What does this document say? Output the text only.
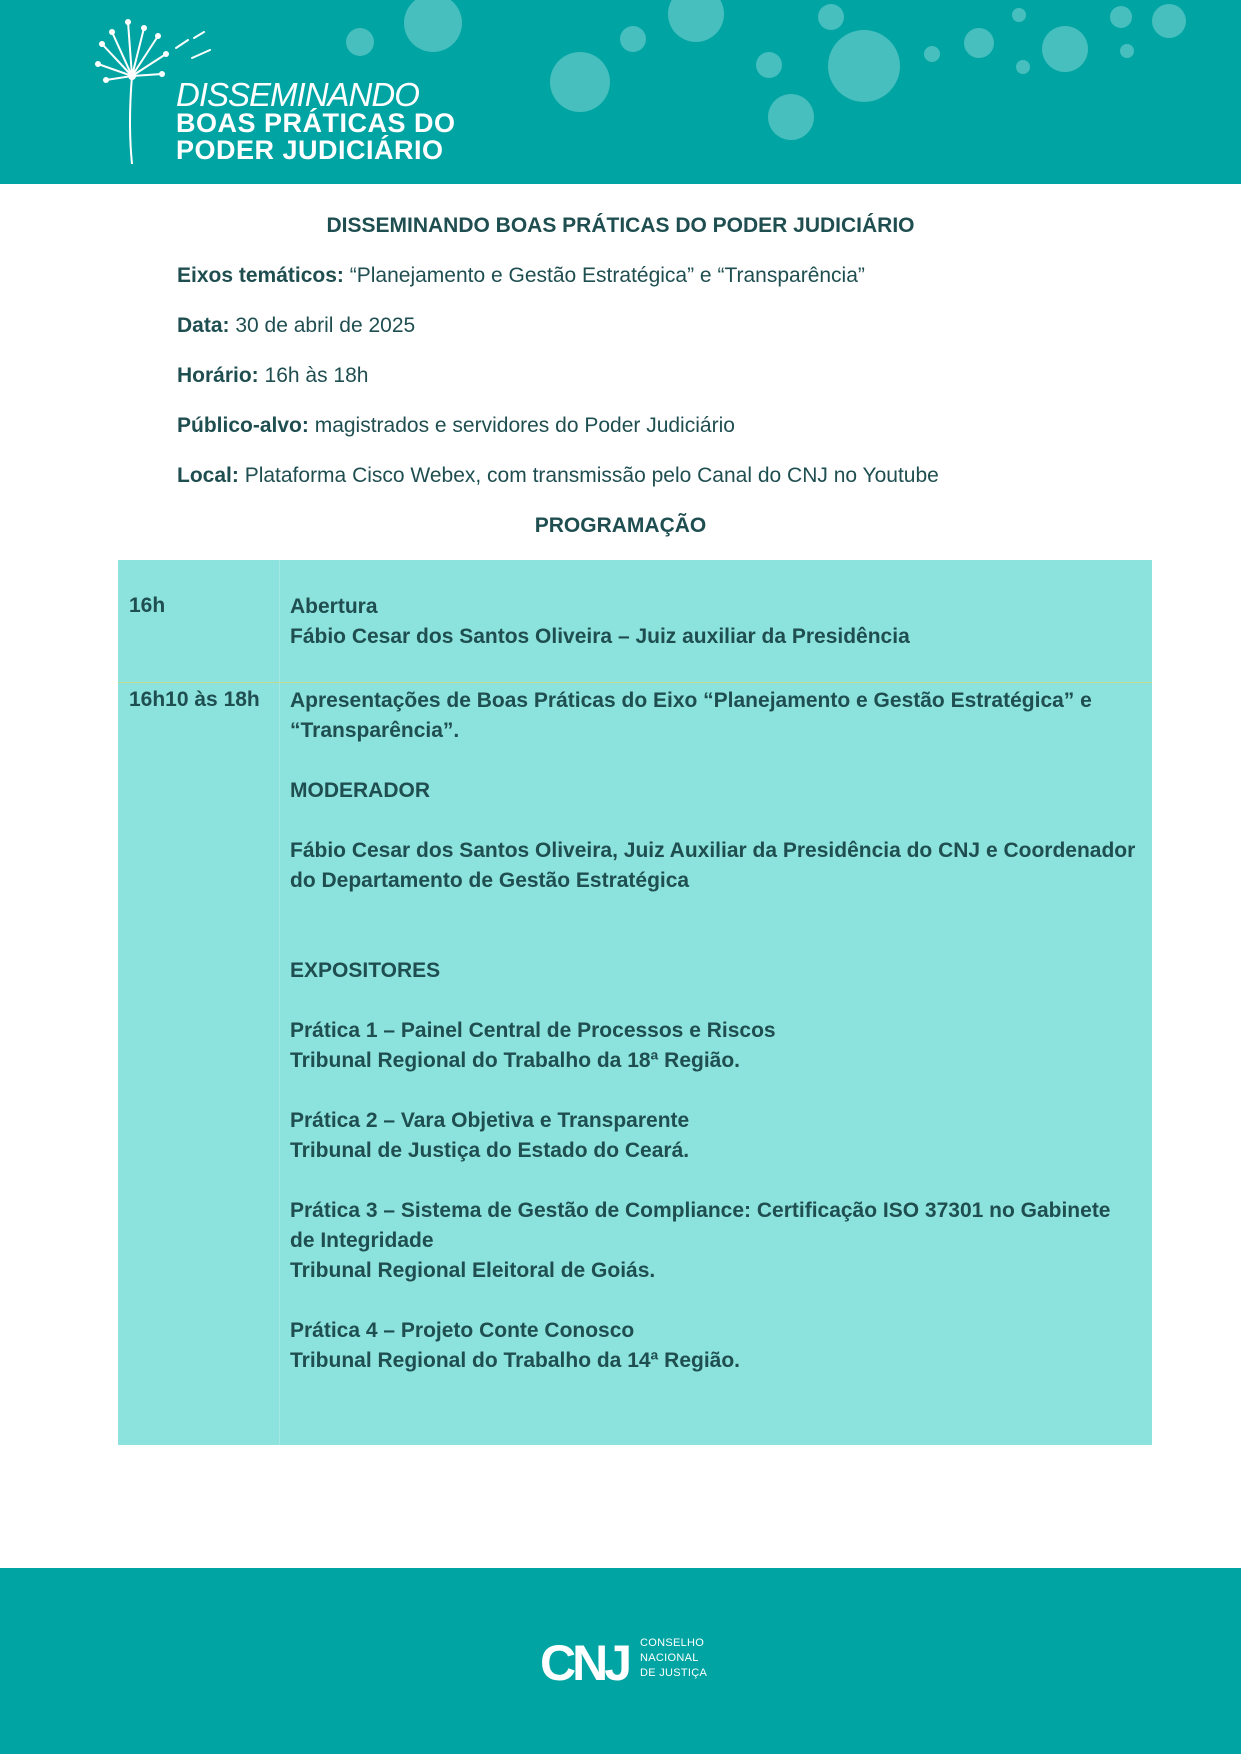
DISSEMINANDO
BOAS PRÁTICAS DO
PODER JUDICIÁRIO
DISSEMINANDO BOAS PRÁTICAS DO PODER JUDICIÁRIO
Eixos temáticos: “Planejamento e Gestão Estratégica” e “Transparência”
Data: 30 de abril de 2025
Horário: 16h às 18h
Público-alvo: magistrados e servidores do Poder Judiciário
Local: Plataforma Cisco Webex, com transmissão pelo Canal do CNJ no Youtube
PROGRAMAÇÃO
16h	Abertura

Fábio Cesar dos Santos Oliveira – Juiz auxiliar da Presidência

16h10 às 18h Apresentações de Boas Práticas do Eixo “Planejamento e Gestão Estratégica” e “Transparência”.

MODERADOR

Fábio Cesar dos Santos Oliveira, Juiz Auxiliar da Presidência do CNJ e Coordenador do Departamento de Gestão Estratégica

EXPOSITORES

Prática 1 – Painel Central de Processos e Riscos

Tribunal Regional do Trabalho da 18ª Região.

Prática 2 – Vara Objetiva e Transparente

Tribunal de Justiça do Estado do Ceará.

Prática 3 – Sistema de Gestão de Compliance: Certificação ISO 37301 no Gabinete de Integridade

Tribunal Regional Eleitoral de Goiás.

Prática 4 – Projeto Conte Conosco

Tribunal Regional do Trabalho da 14ª Região.

CNJ CONSELHO
NACIONAL
DE JUSTIÇA
